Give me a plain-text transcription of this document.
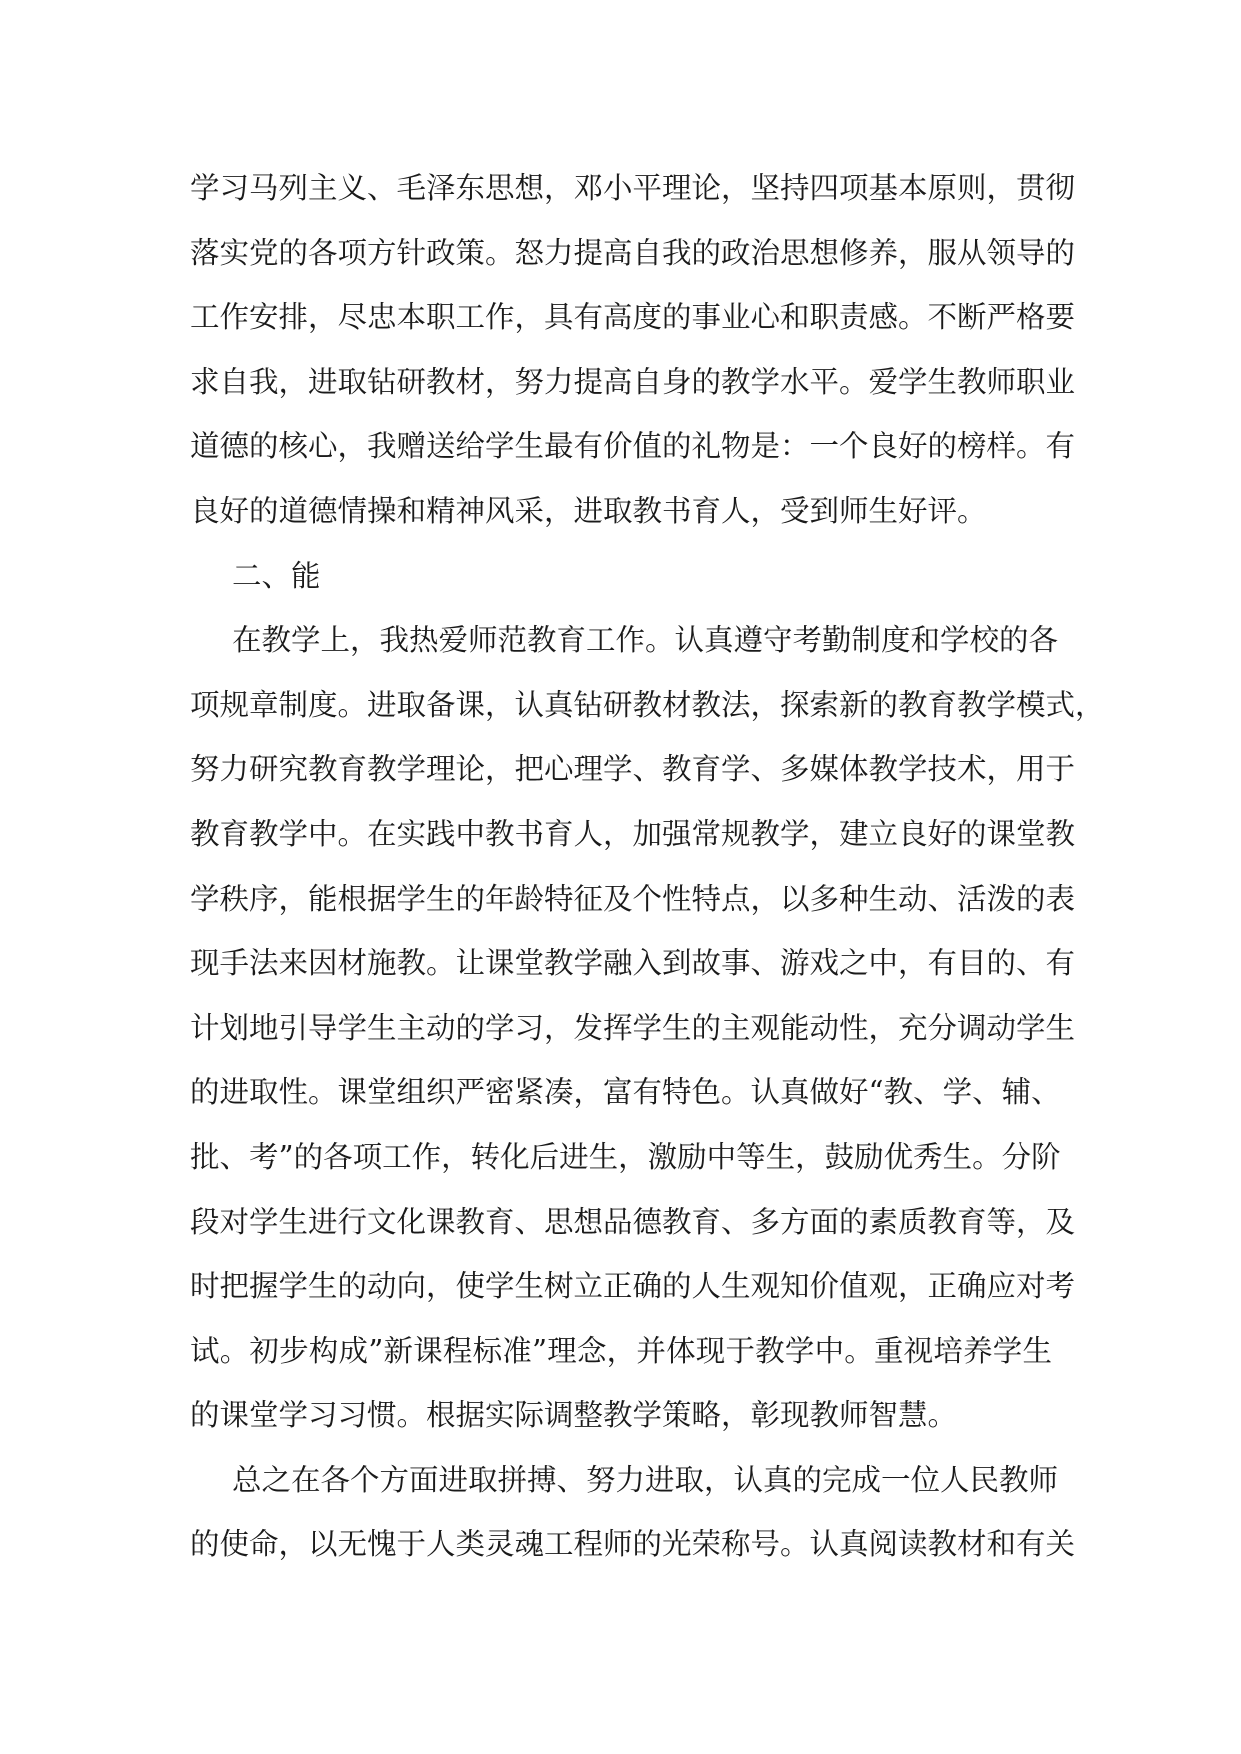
学习马列主义、毛泽东思想，邓小平理论，坚持四项基本原则，贯彻
落实党的各项方针政策。怒力提高自我的政治思想修养，服从领导的
工作安排，尽忠本职工作，具有高度的事业心和职责感。不断严格要
求自我，进取钻研教材，努力提高自身的教学水平。爱学生教师职业
道德的核心，我赠送给学生最有价值的礼物是：一个良好的榜样。有
良好的道德情操和精神风采，进取教书育人，受到师生好评。
二、能
在教学上，我热爱师范教育工作。认真遵守考勤制度和学校的各
项规章制度。进取备课，认真钻研教材教法，探索新的教育教学模式，
努力研究教育教学理论，把心理学、教育学、多媒体教学技术，用于
教育教学中。在实践中教书育人，加强常规教学，建立良好的课堂教
学秩序，能根据学生的年龄特征及个性特点，以多种生动、活泼的表
现手法来因材施教。让课堂教学融入到故事、游戏之中，有目的、有
计划地引导学生主动的学习，发挥学生的主观能动性，充分调动学生
的进取性。课堂组织严密紧凑，富有特色。认真做好“教、学、辅、
批、考”的各项工作，转化后进生，激励中等生，鼓励优秀生。分阶
段对学生进行文化课教育、思想品德教育、多方面的素质教育等，及
时把握学生的动向，使学生树立正确的人生观知价值观，正确应对考
试。初步构成”新课程标准”理念，并体现于教学中。重视培养学生
的课堂学习习惯。根据实际调整教学策略，彰现教师智慧。
总之在各个方面进取拼搏、努力进取，认真的完成一位人民教师
的使命，以无愧于人类灵魂工程师的光荣称号。认真阅读教材和有关
